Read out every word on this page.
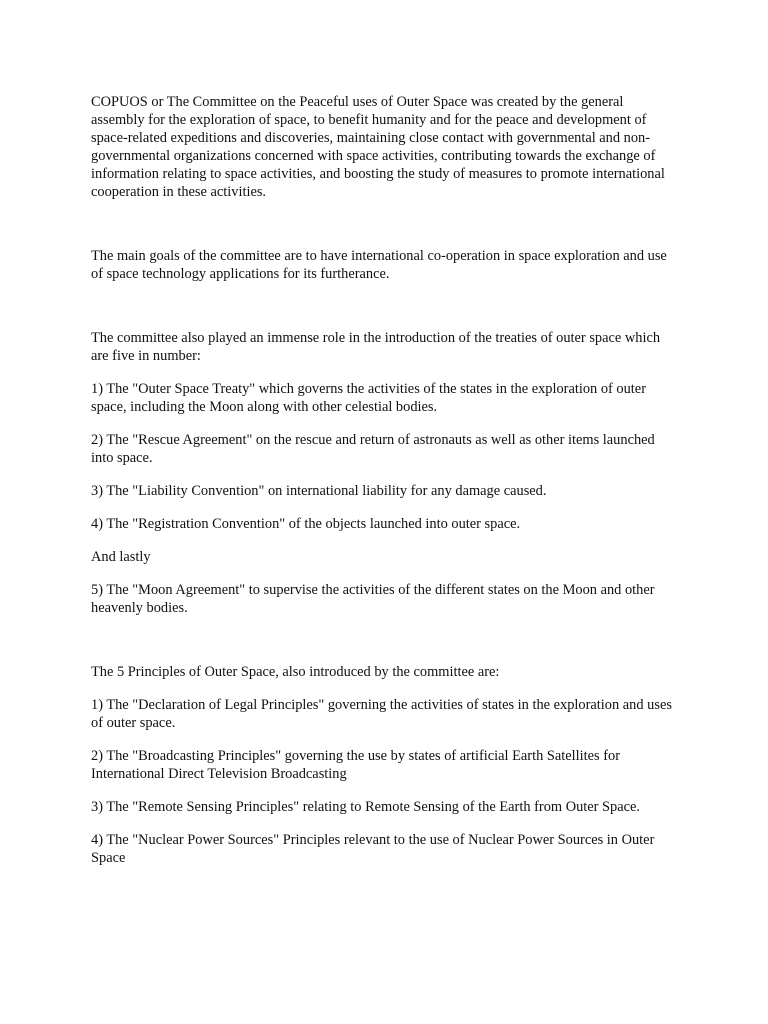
COPUOS or The Committee on the Peaceful uses of Outer Space was created by the general assembly for the exploration of space, to benefit humanity and for the peace and development of space-related expeditions and discoveries, maintaining close contact with governmental and non-governmental organizations concerned with space activities, contributing towards the exchange of information relating to space activities, and boosting the study of measures to promote international cooperation in these activities.

The main goals of the committee are to have international co-operation in space exploration and use of space technology applications for its furtherance.

The committee also played an immense role in the introduction of the treaties of outer space which are five in number:

1) The "Outer Space Treaty" which governs the activities of the states in the exploration of outer space, including the Moon along with other celestial bodies.

2) The "Rescue Agreement" on the rescue and return of astronauts as well as other items launched into space.

3) The "Liability Convention" on international liability for any damage caused.

4) The "Registration Convention" of the objects launched into outer space.

And lastly

5) The "Moon Agreement" to supervise the activities of the different states on the Moon and other heavenly bodies.

The 5 Principles of Outer Space, also introduced by the committee are:

1) The "Declaration of Legal Principles" governing the activities of states in the exploration and uses of outer space.

2) The "Broadcasting Principles" governing the use by states of artificial Earth Satellites for International Direct Television Broadcasting

3) The "Remote Sensing Principles" relating to Remote Sensing of the Earth from Outer Space.

4) The "Nuclear Power Sources" Principles relevant to the use of Nuclear Power Sources in Outer Space
